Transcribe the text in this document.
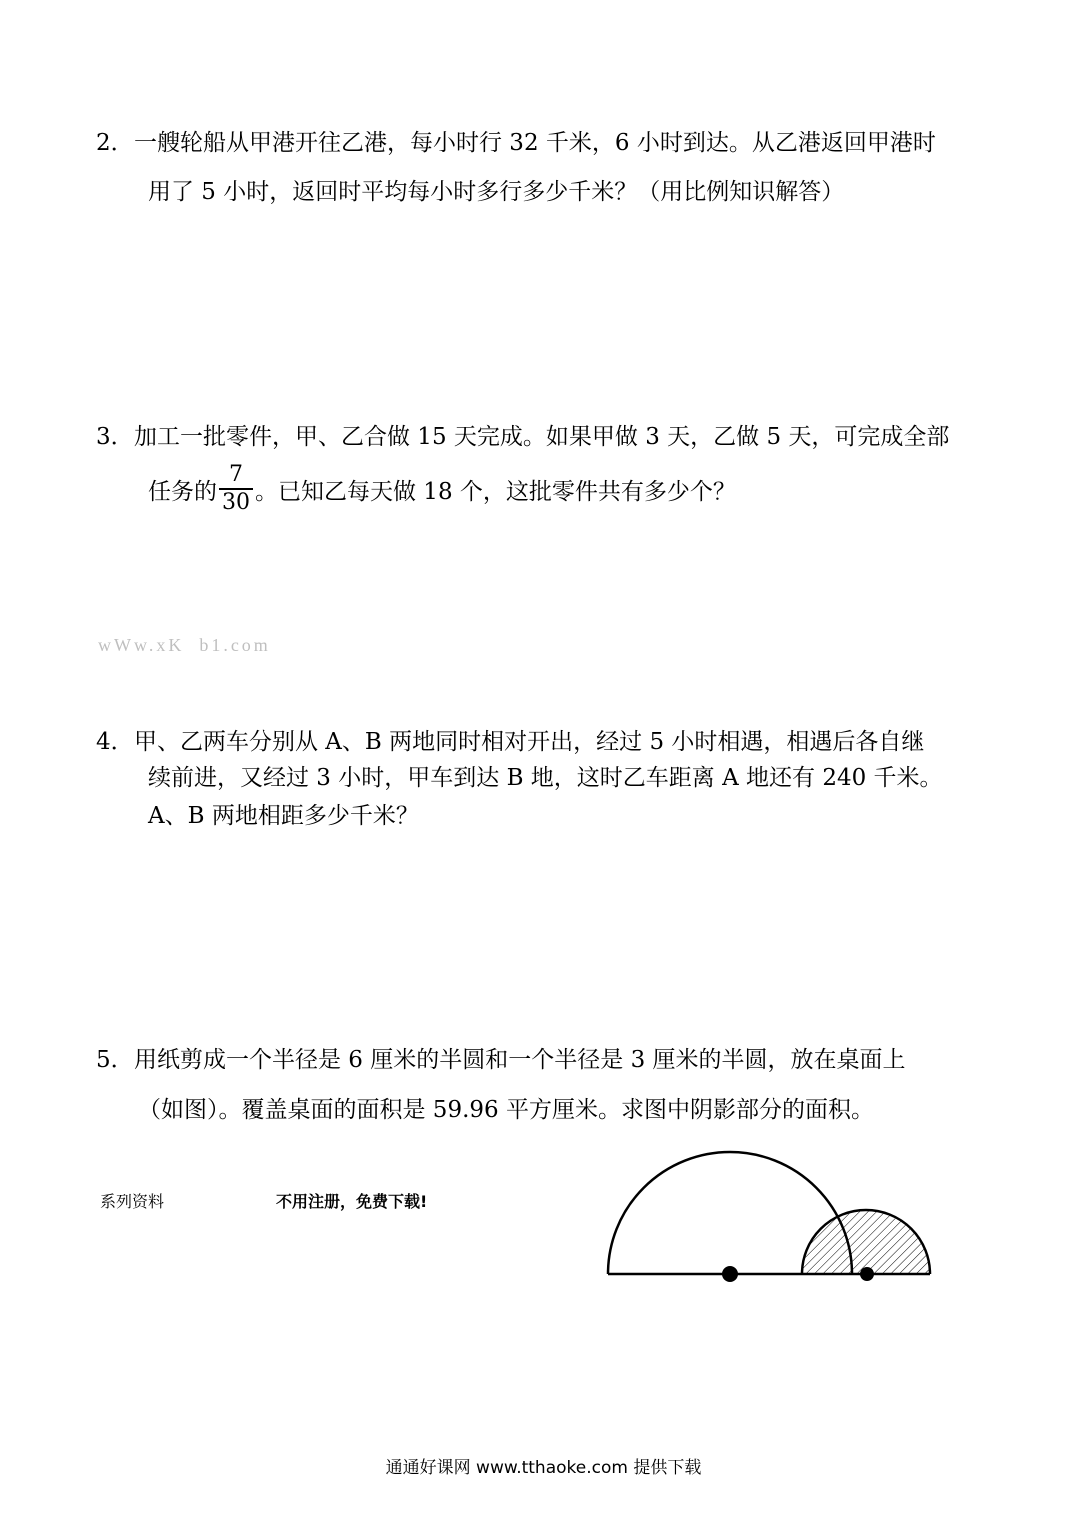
2． 一艘轮船从甲港开往乙港，每小时行 32 千米，6 小时到达。从乙港返回甲港时
用了 5 小时，返回时平均每小时多行多少千米？（用比例知识解答）
3． 加工一批零件，甲、乙合做 15 天完成。如果甲做 3 天，乙做 5 天，可完成全部
任务的 $\frac{7}{30}$ 。已知乙每天做 18 个，这批零件共有多少个？
wWw.xK  b1.com
4． 甲、乙两车分别从 A、B 两地同时相对开出，经过 5 小时相遇，相遇后各自继
续前进，又经过 3 小时，甲车到达 B 地，这时乙车距离 A 地还有 240 千米。
A、B 两地相距多少千米？
5． 用纸剪成一个半径是 6 厘米的半圆和一个半径是 3 厘米的半圆，放在桌面上
（如图）。覆盖桌面的面积是 59.96 平方厘米。求图中阴影部分的面积。
系列资料	不用注册，免费下载!
通通好课网 www.tthaoke.com 提供下载
